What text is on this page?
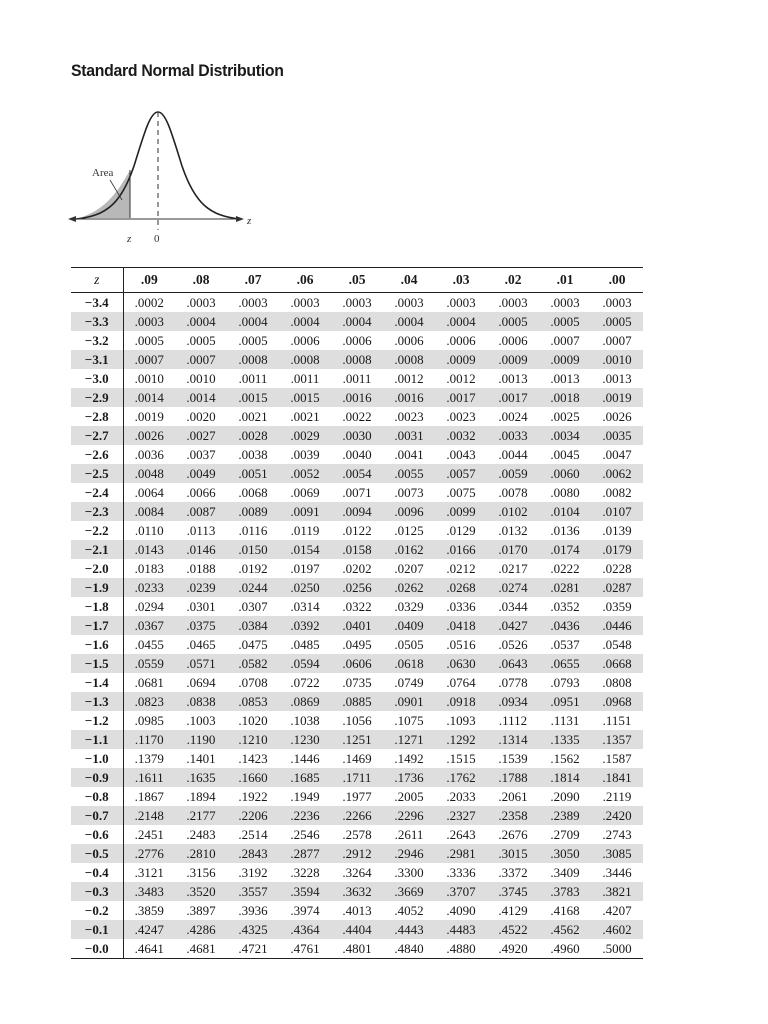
Standard Normal Distribution
Area
z 0
z
z	.09	.08	.07	.06	.05	.04	.03	.02	.01	.00
−3.4	.0002	.0003	.0003	.0003	.0003	.0003	.0003	.0003	.0003	.0003
−3.3	.0003	.0004	.0004	.0004	.0004	.0004	.0004	.0005	.0005	.0005
−3.2	.0005	.0005	.0005	.0006	.0006	.0006	.0006	.0006	.0007	.0007
−3.1	.0007	.0007	.0008	.0008	.0008	.0008	.0009	.0009	.0009	.0010
−3.0	.0010	.0010	.0011	.0011	.0011	.0012	.0012	.0013	.0013	.0013
−2.9	.0014	.0014	.0015	.0015	.0016	.0016	.0017	.0017	.0018	.0019
−2.8	.0019	.0020	.0021	.0021	.0022	.0023	.0023	.0024	.0025	.0026
−2.7	.0026	.0027	.0028	.0029	.0030	.0031	.0032	.0033	.0034	.0035
−2.6	.0036	.0037	.0038	.0039	.0040	.0041	.0043	.0044	.0045	.0047
−2.5	.0048	.0049	.0051	.0052	.0054	.0055	.0057	.0059	.0060	.0062
−2.4	.0064	.0066	.0068	.0069	.0071	.0073	.0075	.0078	.0080	.0082
−2.3	.0084	.0087	.0089	.0091	.0094	.0096	.0099	.0102	.0104	.0107
−2.2	.0110	.0113	.0116	.0119	.0122	.0125	.0129	.0132	.0136	.0139
−2.1	.0143	.0146	.0150	.0154	.0158	.0162	.0166	.0170	.0174	.0179
−2.0	.0183	.0188	.0192	.0197	.0202	.0207	.0212	.0217	.0222	.0228
−1.9	.0233	.0239	.0244	.0250	.0256	.0262	.0268	.0274	.0281	.0287
−1.8	.0294	.0301	.0307	.0314	.0322	.0329	.0336	.0344	.0352	.0359
−1.7	.0367	.0375	.0384	.0392	.0401	.0409	.0418	.0427	.0436	.0446
−1.6	.0455	.0465	.0475	.0485	.0495	.0505	.0516	.0526	.0537	.0548
−1.5	.0559	.0571	.0582	.0594	.0606	.0618	.0630	.0643	.0655	.0668
−1.4	.0681	.0694	.0708	.0722	.0735	.0749	.0764	.0778	.0793	.0808
−1.3	.0823	.0838	.0853	.0869	.0885	.0901	.0918	.0934	.0951	.0968
−1.2	.0985	.1003	.1020	.1038	.1056	.1075	.1093	.1112	.1131	.1151
−1.1	.1170	.1190	.1210	.1230	.1251	.1271	.1292	.1314	.1335	.1357
−1.0	.1379	.1401	.1423	.1446	.1469	.1492	.1515	.1539	.1562	.1587
−0.9	.1611	.1635	.1660	.1685	.1711	.1736	.1762	.1788	.1814	.1841
−0.8	.1867	.1894	.1922	.1949	.1977	.2005	.2033	.2061	.2090	.2119
−0.7	.2148	.2177	.2206	.2236	.2266	.2296	.2327	.2358	.2389	.2420
−0.6	.2451	.2483	.2514	.2546	.2578	.2611	.2643	.2676	.2709	.2743
−0.5	.2776	.2810	.2843	.2877	.2912	.2946	.2981	.3015	.3050	.3085
−0.4	.3121	.3156	.3192	.3228	.3264	.3300	.3336	.3372	.3409	.3446
−0.3	.3483	.3520	.3557	.3594	.3632	.3669	.3707	.3745	.3783	.3821
−0.2	.3859	.3897	.3936	.3974	.4013	.4052	.4090	.4129	.4168	.4207
−0.1	.4247	.4286	.4325	.4364	.4404	.4443	.4483	.4522	.4562	.4602
−0.0	.4641	.4681	.4721	.4761	.4801	.4840	.4880	.4920	.4960	.5000
